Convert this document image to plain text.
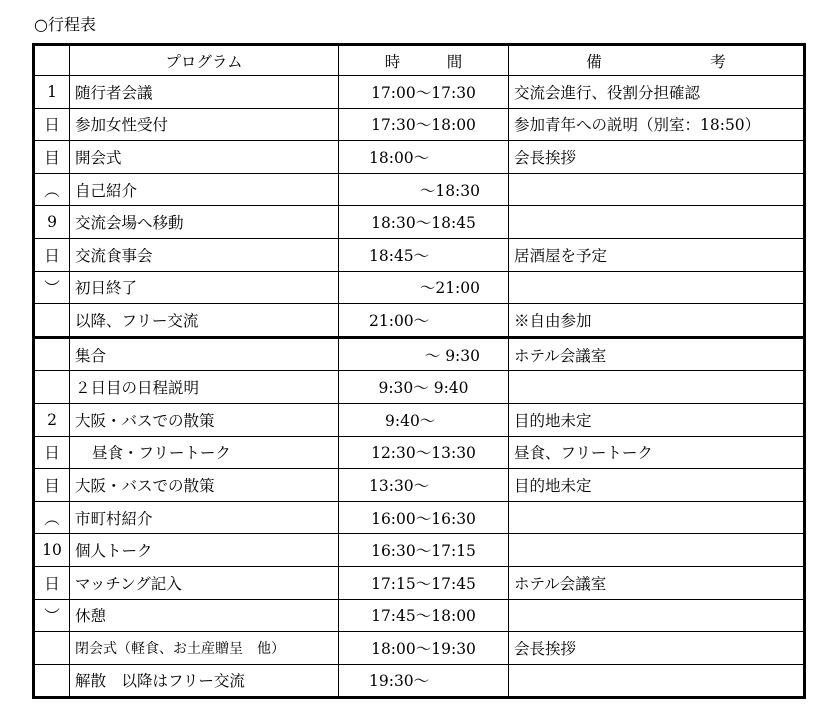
○行程表
	プログラム	時　　　間	備　　　　　　　考
1	随行者会議	17:00～17:30	交流会進行、役割分担確認
日	参加女性受付	17:30～18:00	参加青年への説明（別室：18:50）
目	開会式	18:00～	会長挨拶
︵	自己紹介	～18:30	
9	交流会場へ移動	18:30～18:45	
日	交流食事会	18:45～	居酒屋を予定
︶	初日終了	～21:00	
	以降、フリー交流	21:00～	※自由参加
	集合	～ 9:30	ホテル会議室
	２日目の日程説明	9:30～ 9:40	
2	大阪・バスでの散策	9:40～	目的地未定
日	昼食・フリートーク	12:30～13:30	昼食、フリートーク
目	大阪・バスでの散策	13:30～	目的地未定
︵	市町村紹介	16:00～16:30	
10	個人トーク	16:30～17:15	
日	マッチング記入	17:15～17:45	ホテル会議室
︶	休憩	17:45～18:00	
	閉会式（軽食、お土産贈呈　他）	18:00～19:30	会長挨拶
	解散　以降はフリー交流	19:30～	
